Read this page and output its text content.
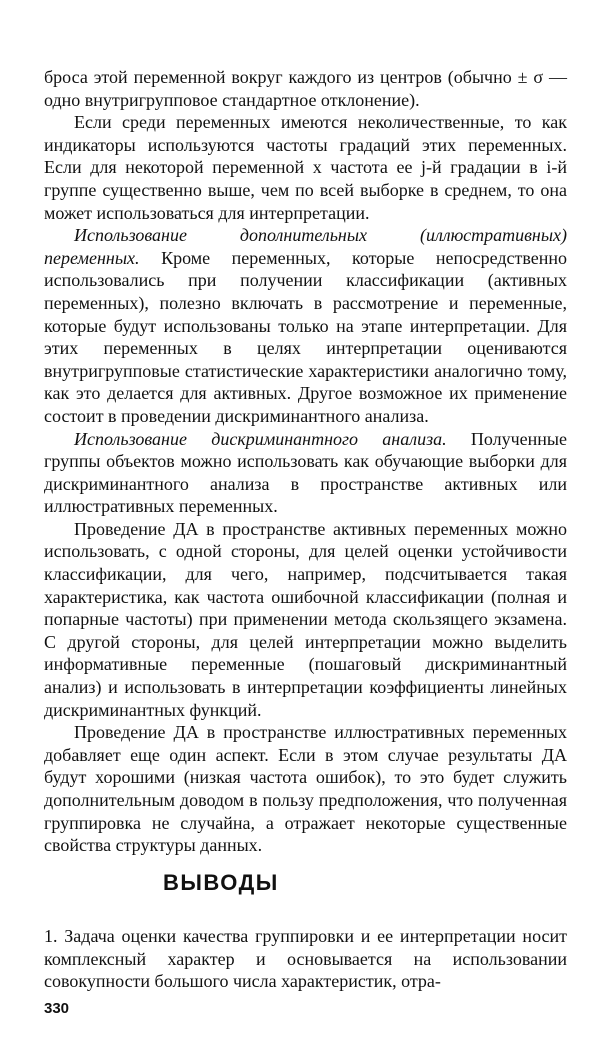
броса этой переменной вокруг каждого из центров (обычно ± σ — одно внутригрупповое стандартное отклонение).

Если среди переменных имеются неколичественные, то как индикаторы используются частоты градаций этих переменных. Если для некоторой переменной x частота ее j-й градации в i-й группе существенно выше, чем по всей выборке в среднем, то она может использоваться для интерпретации.

Использование дополнительных (иллюстративных) переменных. Кроме переменных, которые непосредственно использовались при получении классификации (активных переменных), полезно включать в рассмотрение и переменные, которые будут использованы только на этапе интерпретации. Для этих переменных в целях интерпретации оцениваются внутригрупповые статистические характеристики аналогично тому, как это делается для активных. Другое возможное их применение состоит в проведении дискриминантного анализа.

Использование дискриминантного анализа. Полученные группы объектов можно использовать как обучающие выборки для дискриминантного анализа в пространстве активных или иллюстративных переменных.

Проведение ДА в пространстве активных переменных можно использовать, с одной стороны, для целей оценки устойчивости классификации, для чего, например, подсчитывается такая характеристика, как частота ошибочной классификации (полная и попарные частоты) при применении метода скользящего экзамена. С другой стороны, для целей интерпретации можно выделить информативные переменные (пошаговый дискриминантный анализ) и использовать в интерпретации коэффициенты линейных дискриминантных функций.

Проведение ДА в пространстве иллюстративных переменных добавляет еще один аспект. Если в этом случае результаты ДА будут хорошими (низкая частота ошибок), то это будет служить дополнительным доводом в пользу предположения, что полученная группировка не случайна, а отражает некоторые существенные свойства структуры данных.

ВЫВОДЫ

1. Задача оценки качества группировки и ее интерпретации носит комплексный характер и основывается на использовании совокупности большого числа характеристик, отра-

330
